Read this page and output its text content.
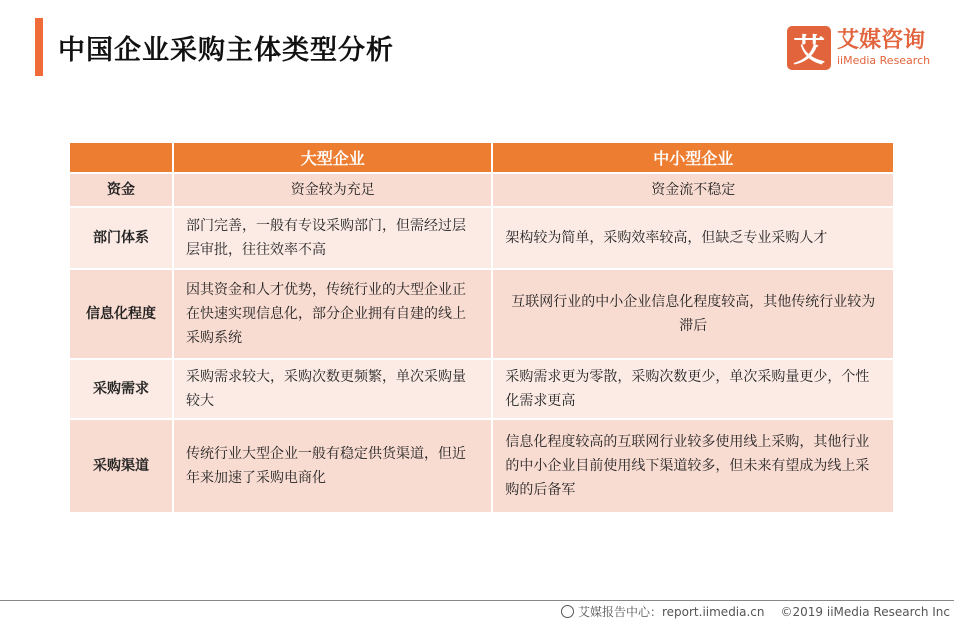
中国企业采购主体类型分析	艾 艾媒咨询
iiMedia Research
	大型企业	中小型企业
资金	资金较为充足	资金流不稳定
部门体系	部门完善，一般有专设采购部门，但需经过层层审批，往往效率不高	架构较为简单，采购效率较高，但缺乏专业采购人才
信息化程度	因其资金和人才优势，传统行业的大型企业正在快速实现信息化，部分企业拥有自建的线上采购系统	互联网行业的中小企业信息化程度较高，其他传统行业较为滞后
采购需求	采购需求较大，采购次数更频繁，单次采购量较大	采购需求更为零散，采购次数更少，单次采购量更少，个性化需求更高
采购渠道	传统行业大型企业一般有稳定供货渠道，但近年来加速了采购电商化	信息化程度较高的互联网行业较多使用线上采购，其他行业的中小企业目前使用线下渠道较多，但未来有望成为线上采购的后备军
艾媒报告中心：report.iimedia.cn ©2019 iiMedia Research Inc
